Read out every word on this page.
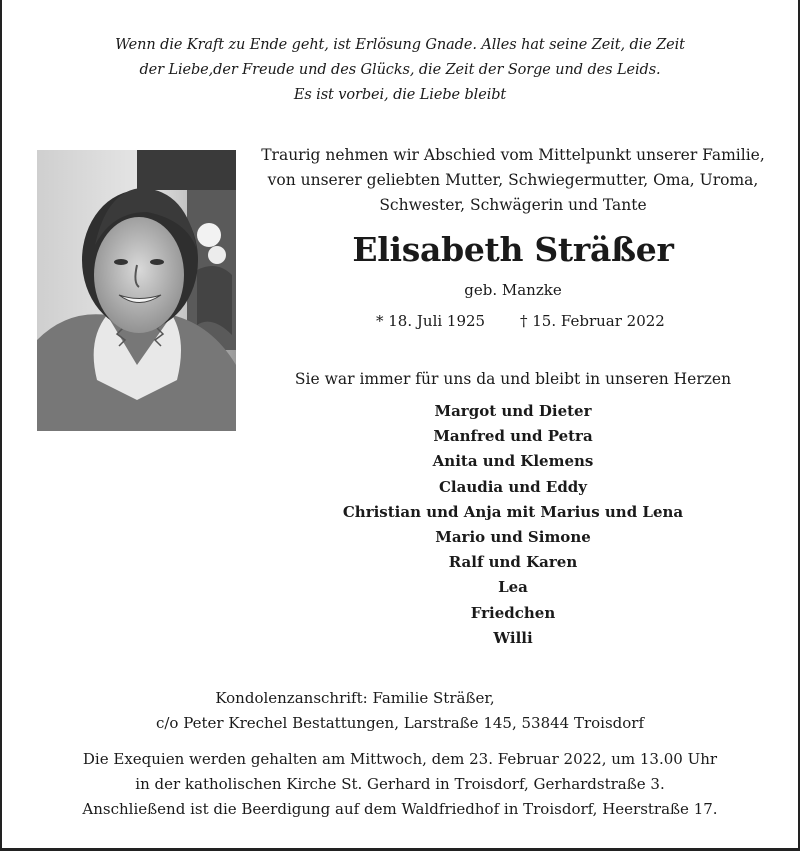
Wenn die Kraft zu Ende geht, ist Erlösung Gnade. Alles hat seine Zeit, die Zeit
der Liebe,der Freude und des Glücks, die Zeit der Sorge und des Leids.
Es ist vorbei, die Liebe bleibt
Traurig nehmen wir Abschied vom Mittelpunkt unserer Familie,
von unserer geliebten Mutter, Schwiegermutter, Oma, Uroma,
Schwester, Schwägerin und Tante
Elisabeth Sträßer
geb. Manzke
* 18. Juli 1925 † 15. Februar 2022
Sie war immer für uns da und bleibt in unseren Herzen
Margot und Dieter
Manfred und Petra
Anita und Klemens
Claudia und Eddy
Christian und Anja mit Marius und Lena
Mario und Simone
Ralf und Karen
Lea
Friedchen
Willi
Kondolenzanschrift: Familie Sträßer,
c/o Peter Krechel Bestattungen, Larstraße 145, 53844 Troisdorf
Die Exequien werden gehalten am Mittwoch, dem 23. Februar 2022, um 13.00 Uhr
in der katholischen Kirche St. Gerhard in Troisdorf, Gerhardstraße 3.
Anschließend ist die Beerdigung auf dem Waldfriedhof in Troisdorf, Heerstraße 17.
